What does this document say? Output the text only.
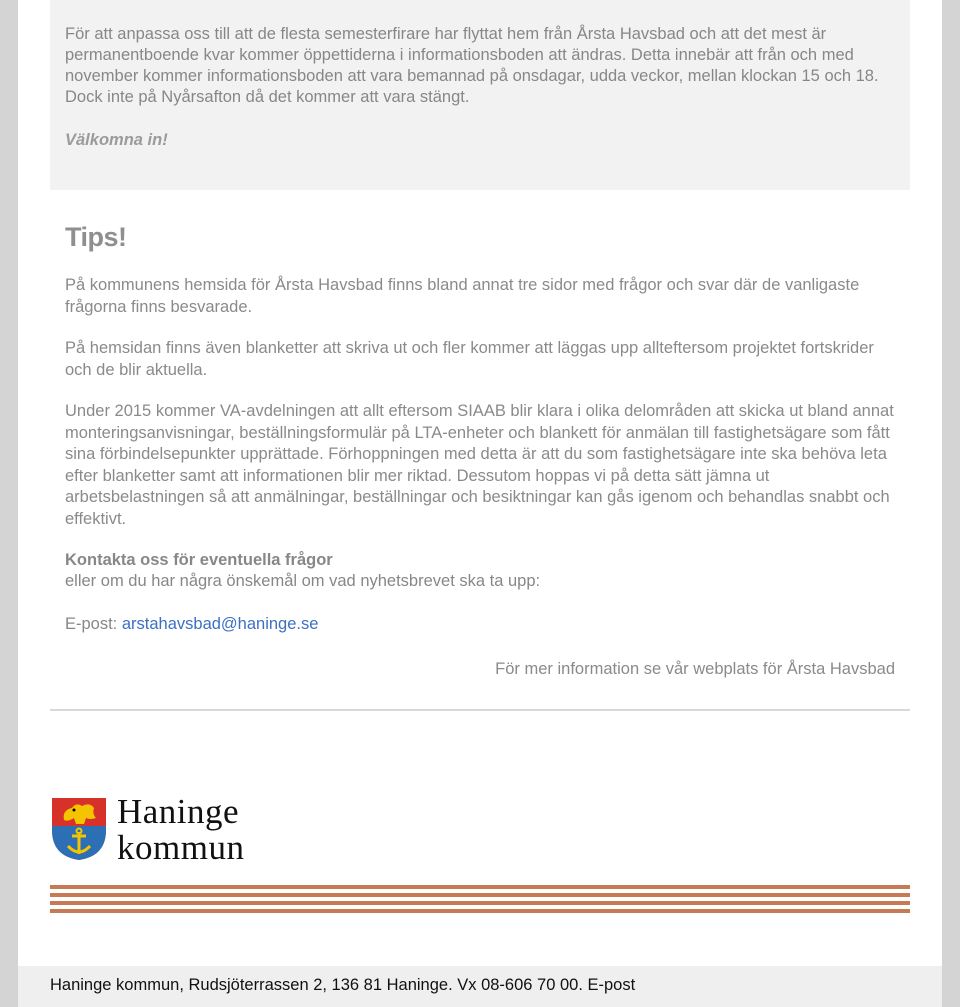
För att anpassa oss till att de flesta semesterfirare har flyttat hem från Årsta Havsbad och att det mest är permanentboende kvar kommer öppettiderna i informationsboden att ändras. Detta innebär att från och med november kommer informationsboden att vara bemannad på onsdagar, udda veckor, mellan klockan 15 och 18. Dock inte på Nyårsafton då det kommer att vara stängt.

Välkomna in!

Tips!

På kommunens hemsida för Årsta Havsbad finns bland annat tre sidor med frågor och svar där de vanligaste frågorna finns besvarade.

På hemsidan finns även blanketter att skriva ut och fler kommer att läggas upp allteftersom projektet fortskrider och de blir aktuella.

Under 2015 kommer VA-avdelningen att allt eftersom SIAAB blir klara i olika delområden att skicka ut bland annat monteringsanvisningar, beställningsformulär på LTA-enheter och blankett för anmälan till fastighetsägare som fått sina förbindelsepunkter upprättade. Förhoppningen med detta är att du som fastighetsägare inte ska behöva leta efter blanketter samt att informationen blir mer riktad. Dessutom hoppas vi på detta sätt jämna ut arbetsbelastningen så att anmälningar, beställningar och besiktningar kan gås igenom och behandlas snabbt och effektivt.

Kontakta oss för eventuella frågor

eller om du har några önskemål om vad nyhetsbrevet ska ta upp:

E-post: arstahavsbad@haninge.se

För mer information se vår webplats för Årsta Havsbad
Haninge
kommun

Haninge kommun, Rudsjöterrassen 2, 136 81 Haninge. Vx 08-606 70 00. E-post
